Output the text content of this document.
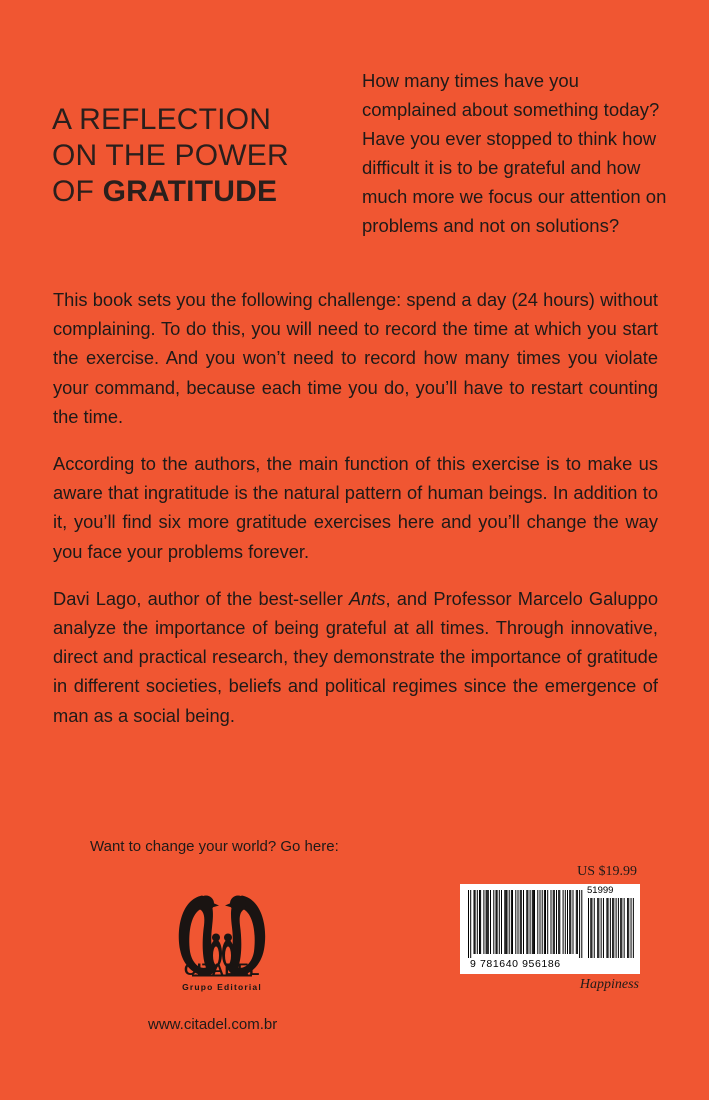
A REFLECTION
ON THE POWER
OF GRATITUDE
How many times have you complained about something today? Have you ever stopped to think how difficult it is to be grateful and how much more we focus our attention on problems and not on solutions?

This book sets you the following challenge: spend a day (24 hours) without complaining. To do this, you will need to record the time at which you start the exercise. And you won’t need to record how many times you violate your command, because each time you do, you’ll have to restart counting the time.

According to the authors, the main function of this exercise is to make us aware that ingratitude is the natural pattern of human beings. In addition to it, you’ll find six more gratitude exercises here and you’ll change the way you face your problems forever.

Davi Lago, author of the best-seller Ants, and Professor Marcelo Galuppo analyze the importance of being grateful at all times. Through innovative, direct and practical research, they demonstrate the importance of gratitude in different societies, beliefs and political regimes since the emergence of man as a social being.

Want to change your world? Go here:
CITADEL
Grupo Editorial
www.citadel.com.br
US $19.99
51999
9 781640 956186
Happiness
